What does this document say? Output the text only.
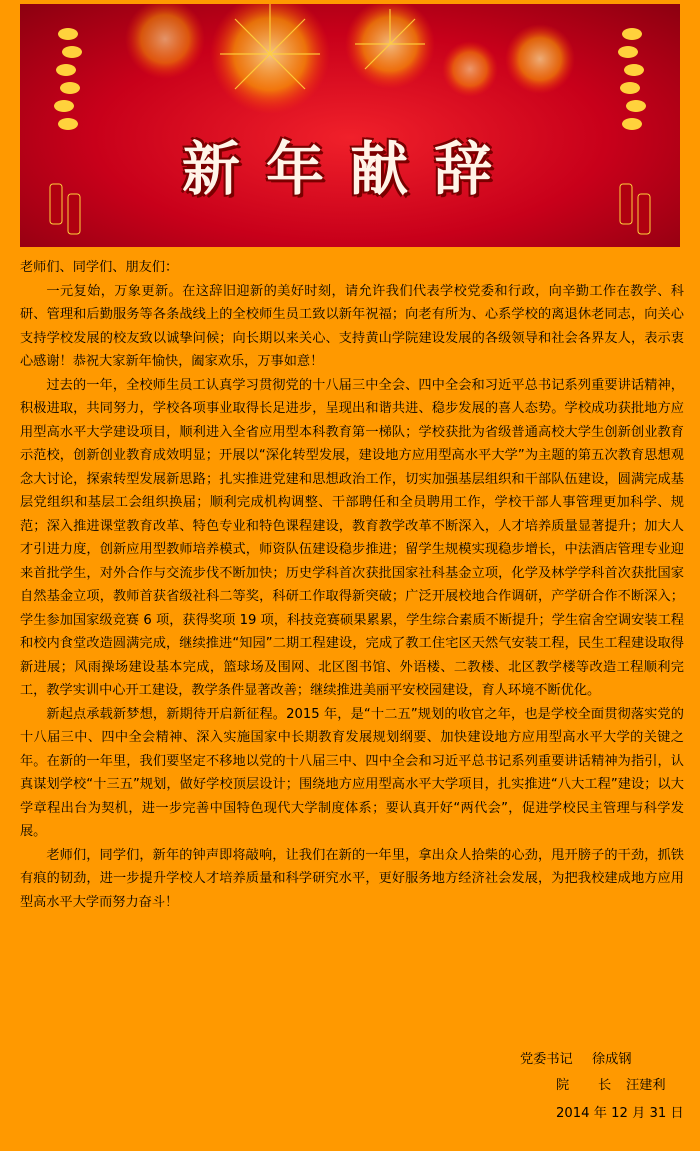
新年献辞

老师们、同学们、朋友们：

一元复始，万象更新。在这辞旧迎新的美好时刻，请允许我们代表学校党委和行政，向辛勤工作在教学、科研、管理和后勤服务等各条战线上的全校师生员工致以新年祝福；向老有所为、心系学校的离退休老同志，向关心支持学校发展的校友致以诚挚问候；向长期以来关心、支持黄山学院建设发展的各级领导和社会各界友人，表示衷心感谢！恭祝大家新年愉快，阖家欢乐，万事如意！

过去的一年，全校师生员工认真学习贯彻党的十八届三中全会、四中全会和习近平总书记系列重要讲话精神，积极进取，共同努力，学校各项事业取得长足进步，呈现出和谐共进、稳步发展的喜人态势。学校成功获批地方应用型高水平大学建设项目，顺利进入全省应用型本科教育第一梯队；学校获批为省级普通高校大学生创新创业教育示范校，创新创业教育成效明显；开展以“深化转型发展，建设地方应用型高水平大学”为主题的第五次教育思想观念大讨论，探索转型发展新思路；扎实推进党建和思想政治工作，切实加强基层组织和干部队伍建设，圆满完成基层党组织和基层工会组织换届；顺利完成机构调整、干部聘任和全员聘用工作，学校干部人事管理更加科学、规范；深入推进课堂教育改革、特色专业和特色课程建设，教育教学改革不断深入，人才培养质量显著提升；加大人才引进力度，创新应用型教师培养模式，师资队伍建设稳步推进；留学生规模实现稳步增长，中法酒店管理专业迎来首批学生，对外合作与交流步伐不断加快；历史学科首次获批国家社科基金立项，化学及林学学科首次获批国家自然基金立项，教师首获省级社科二等奖，科研工作取得新突破；广泛开展校地合作调研，产学研合作不断深入；学生参加国家级竞赛 6 项，获得奖项 19 项，科技竞赛硕果累累，学生综合素质不断提升；学生宿舍空调安装工程和校内食堂改造圆满完成，继续推进“知园”二期工程建设，完成了教工住宅区天然气安装工程，民生工程建设取得新进展；风雨操场建设基本完成，篮球场及围网、北区图书馆、外语楼、二教楼、北区教学楼等改造工程顺利完工，教学实训中心开工建设，教学条件显著改善；继续推进美丽平安校园建设，育人环境不断优化。

新起点承载新梦想，新期待开启新征程。2015 年，是“十二五”规划的收官之年，也是学校全面贯彻落实党的十八届三中、四中全会精神、深入实施国家中长期教育发展规划纲要、加快建设地方应用型高水平大学的关键之年。在新的一年里，我们要坚定不移地以党的十八届三中、四中全会和习近平总书记系列重要讲话精神为指引，认真谋划学校“十三五”规划，做好学校顶层设计；围绕地方应用型高水平大学项目，扎实推进“八大工程”建设；以大学章程出台为契机，进一步完善中国特色现代大学制度体系；要认真开好“两代会”，促进学校民主管理与科学发展。

老师们，同学们，新年的钟声即将敲响，让我们在新的一年里，拿出众人拾柴的心劲，甩开膀子的干劲，抓铁有痕的韧劲，进一步提升学校人才培养质量和科学研究水平，更好服务地方经济社会发展，为把我校建成地方应用型高水平大学而努力奋斗！

党委书记 徐成钢
院 长 汪建利
2014 年 12 月 31 日
